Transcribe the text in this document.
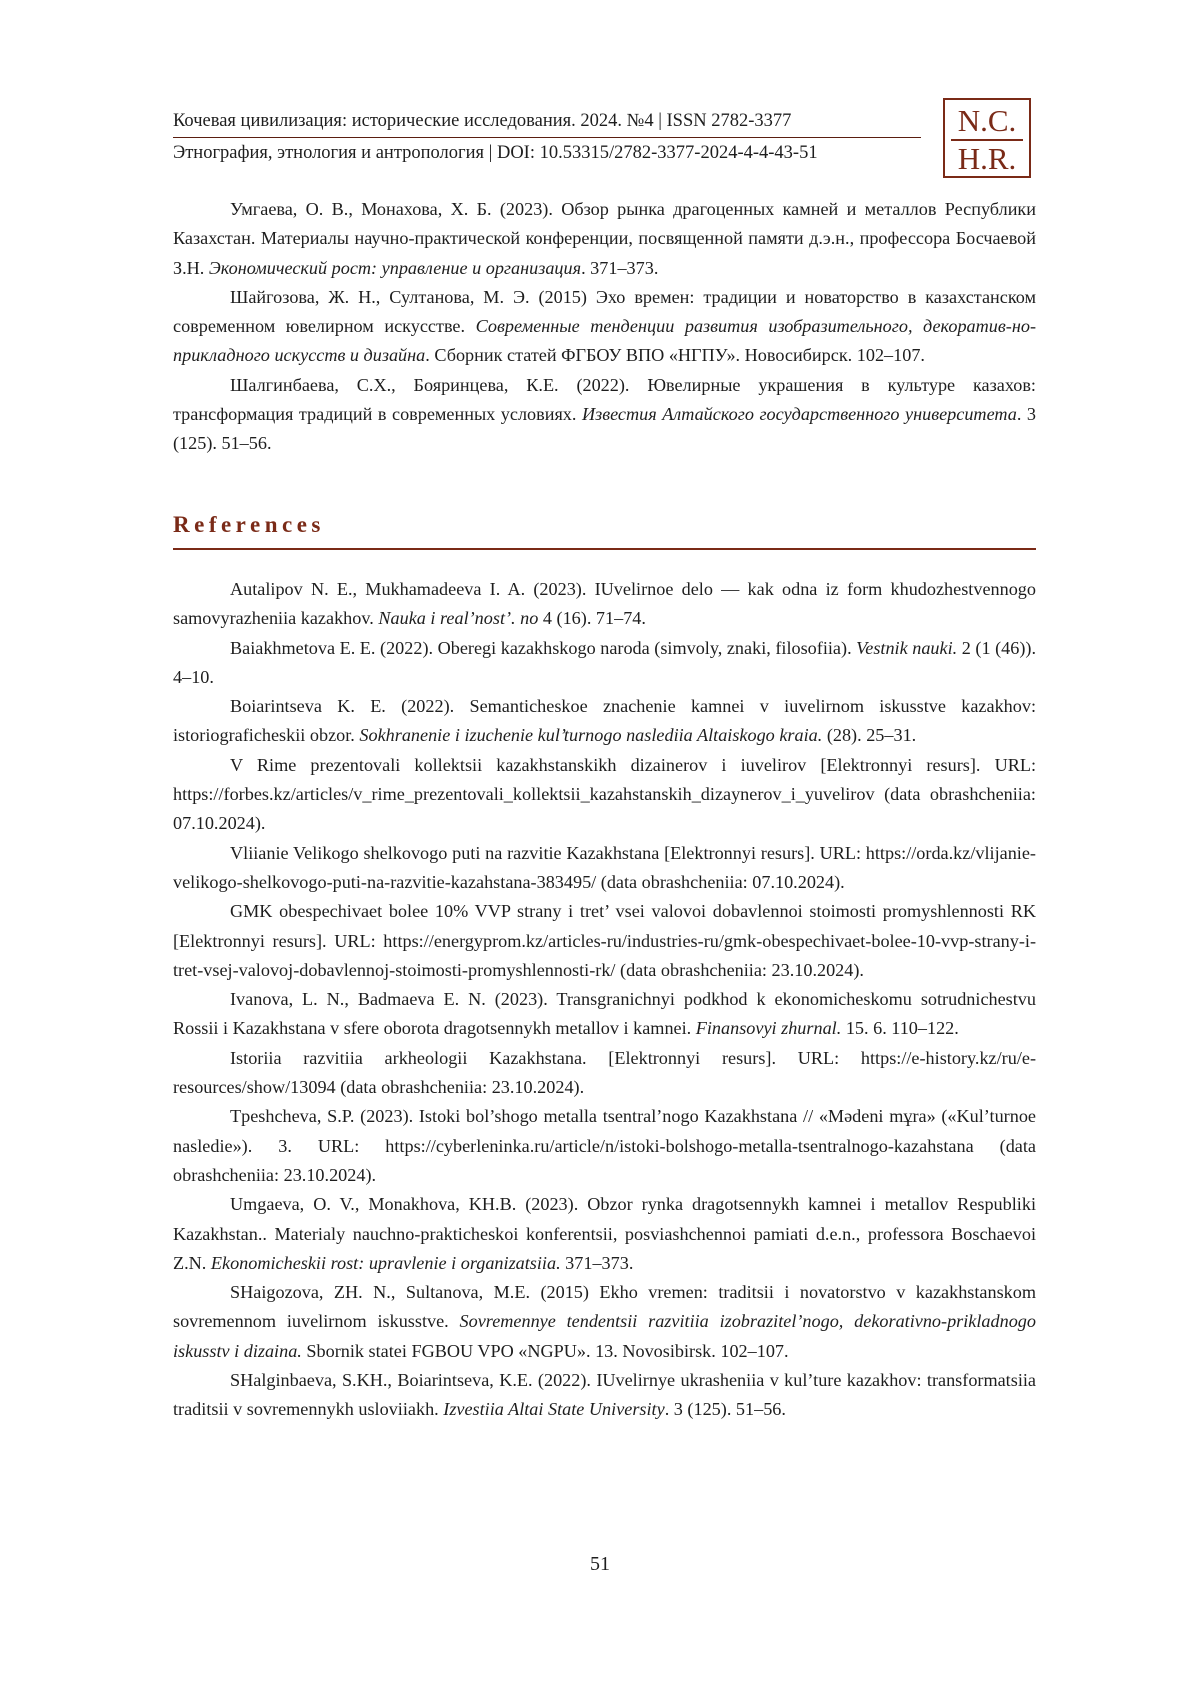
Кочевая цивилизация: исторические исследования. 2024. №4 | ISSN 2782-3377
Этнография, этнология и антропология | DOI: 10.53315/2782-3377-2024-4-4-43-51
N.C.
H.R.

Умгаева, О. В., Монахова, Х. Б. (2023). Обзор рынка драгоценных камней и металлов Республики Казахстан. Материалы научно-практической конференции, посвященной памяти д.э.н., профессора Босчаевой З.Н. Экономический рост: управление и организация. 371–373.

Шайгозова, Ж. Н., Султанова, М. Э. (2015) Эхо времен: традиции и новаторство в казахстанском современном ювелирном искусстве. Современные тенденции развития изобразительного, декоратив-но-прикладного искусств и дизайна. Сборник статей ФГБОУ ВПО «НГПУ». Новосибирск. 102–107.

Шалгинбаева, С.Х., Бояринцева, К.Е. (2022). Ювелирные украшения в культуре казахов: трансформация традиций в современных условиях. Известия Алтайского государственного университета. 3 (125). 51–56.

References

Autalipov N. E., Mukhamadeeva I. A. (2023). IUvelirnoe delo — kak odna iz form khudozhestvennogo samovyrazheniia kazakhov. Nauka i real’nost’. no 4 (16). 71–74.

Baiakhmetova E. E. (2022). Oberegi kazakhskogo naroda (simvoly, znaki, filosofiia). Vestnik nauki. 2 (1 (46)). 4–10.

Boiarintseva K. E. (2022). Semanticheskoe znachenie kamnei v iuvelirnom iskusstve kazakhov: istoriograficheskii obzor. Sokhranenie i izuchenie kul’turnogo naslediia Altaiskogo kraia. (28). 25–31.

V Rime prezentovali kollektsii kazakhstanskikh dizainerov i iuvelirov [Elektronnyi resurs]. URL: https://forbes.kz/articles/v_rime_prezentovali_kollektsii_kazahstanskih_dizaynerov_i_yuvelirov (data obrashcheniia: 07.10.2024).

Vliianie Velikogo shelkovogo puti na razvitie Kazakhstana [Elektronnyi resurs]. URL: https://orda.kz/vlijanie-velikogo-shelkovogo-puti-na-razvitie-kazahstana-383495/ (data obrashcheniia: 07.10.2024).

GMK obespechivaet bolee 10% VVP strany i tret’ vsei valovoi dobavlennoi stoimosti promyshlennosti RK [Elektronnyi resurs]. URL: https://energyprom.kz/articles-ru/industries-ru/gmk-obespechivaet-bolee-10-vvp-strany-i-tret-vsej-valovoj-dobavlennoj-stoimosti-promyshlennosti-rk/ (data obrashcheniia: 23.10.2024).

Ivanova, L. N., Badmaeva E. N. (2023). Transgranichnyi podkhod k ekonomicheskomu sotrudnichestvu Rossii i Kazakhstana v sfere oborota dragotsennykh metallov i kamnei. Finansovyi zhurnal. 15. 6. 110–122.

Istoriia razvitiia arkheologii Kazakhstana. [Elektronnyi resurs]. URL: https://e-history.kz/ru/e-resources/show/13094 (data obrashcheniia: 23.10.2024).

Tpeshcheva, S.P. (2023). Istoki bol’shogo metalla tsentral’nogo Kazakhstana // «Mәdeni mұra» («Kul’turnoe nasledie»). 3. URL: https://cyberleninka.ru/article/n/istoki-bolshogo-metalla-tsentralnogo-kazahstana (data obrashcheniia: 23.10.2024).

Umgaeva, O. V., Monakhova, KH.B. (2023). Obzor rynka dragotsennykh kamnei i metallov Respubliki Kazakhstan.. Materialy nauchno-prakticheskoi konferentsii, posviashchennoi pamiati d.e.n., professora Boschaevoi Z.N. Ekonomicheskii rost: upravlenie i organizatsiia. 371–373.

SHaigozova, ZH. N., Sultanova, M.E. (2015) Ekho vremen: traditsii i novatorstvo v kazakhstanskom sovremennom iuvelirnom iskusstve. Sovremennye tendentsii razvitiia izobrazitel’nogo, dekorativno-prikladnogo iskusstv i dizaina. Sbornik statei FGBOU VPO «NGPU». 13. Novosibirsk. 102–107.

SHalginbaeva, S.KH., Boiarintseva, K.E. (2022). IUvelirnye ukrasheniia v kul’ture kazakhov: transformatsiia traditsii v sovremennykh usloviiakh. Izvestiia Altai State University. 3 (125). 51–56.

51
